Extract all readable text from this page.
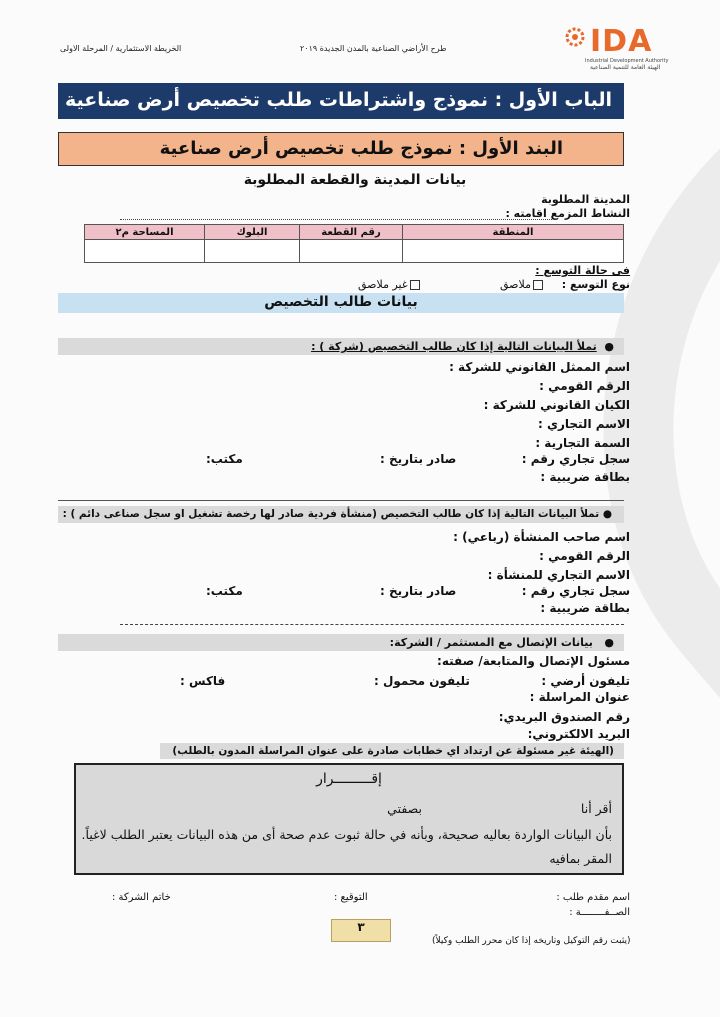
الخريطة الاستثمارية / المرحلة الاولى	طرح الأراضي الصناعية بالمدن الجديدة ٢٠١٩	IDA
Industrial Development Authority
الهيئة العامة للتنمية الصناعية
الباب الأول : نموذج واشتراطات طلب تخصيص أرض صناعية
البند الأول : نموذج طلب تخصيص أرض صناعية
بيانات المدينة والقطعة المطلوبة
المدينة المطلوبة
النشاط المزمع اقامته :
المنطقة	رقم القطعة	البلوك	المساحة م٢

فى حالة التوسع :
نوع التوسع :
ملاصق
غير ملاصق
بيانات طالب التخصيص
●  تملأ البيانات التالية إذا كان طالب التخصيص (شركة ) :
اسم الممثل القانوني للشركة :
الرقم القومي :
الكيان القانوني للشركة :
الاسم التجاري :
السمة التجارية :
سجل تجاري رقم :
صادر بتاريخ :
مكتب:
بطاقة ضريبية :
● تملأ البيانات التالية إذا كان طالب التخصيص (منشأة فردية صادر لها رخصة تشغيل او سجل صناعى دائم ) :
اسم صاحب المنشأة (رباعي) :
الرقم القومي :
الاسم التجاري للمنشأة :
سجل تجاري رقم :
صادر بتاريخ :
مكتب:
بطاقة ضريبية :
●   بيانات الإتصال مع المستثمر / الشركة:
مسئول الإتصال والمتابعة/ صفته:
تليفون أرضي :
تليفون محمول :
فاكس :
عنوان المراسلة :
رقم الصندوق البريدي:
البريد الالكتروني:
(الهيئة غير مسئولة عن ارتداد اي خطابات صادرة على عنوان المراسلة المدون بالطلب)
إقـــــــــرار
أقر أنا
بصفتي
بأن البيانات الواردة بعاليه صحيحة، وبأنه في حالة ثبوت عدم صحة أى من هذه البيانات يعتبر الطلب لاغياً.
المقر بمافيه
اسم مقدم طلب :
الصــفــــــــة :
التوقيع :
خاتم الشركة :
٣
(يثبت رقم التوكيل وتاريخه إذا كان محرر الطلب وكيلاً)
